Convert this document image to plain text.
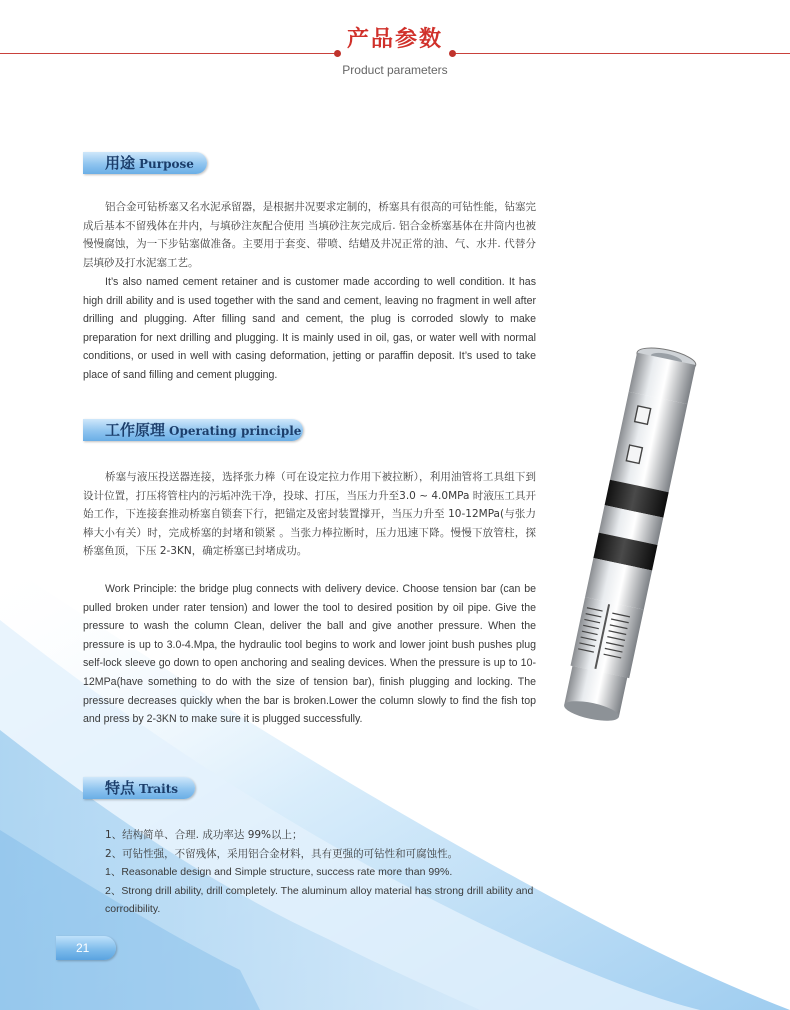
产品参数
Product parameters
用途 Purpose

铝合金可钻桥塞又名水泥承留器，是根据井况要求定制的，桥塞具有很高的可钻性能，钻塞完成后基本不留残体在井内，与填砂注灰配合使用 当填砂注灰完成后. 铝合金桥塞基体在井筒内也被慢慢腐蚀，为一下步钻塞做准备。主要用于套变、带喷、结蜡及井况正常的油、气、水井. 代替分层填砂及打水泥塞工艺。

It’s also named cement retainer and is customer made according to well condition. It has high drill ability and is used together with the sand and cement, leaving no fragment in well after drilling and plugging. After filling sand and cement, the plug is corroded slowly to make preparation for next drilling and plugging. It is mainly used in oil, gas, or water well with normal conditions, or used in well with casing deformation, jetting or paraffin deposit. It’s used to take place of sand filling and cement plugging.

工作原理 Operating principle

桥塞与液压投送器连接，选择张力棒（可在设定拉力作用下被拉断），利用油管将工具组下到设计位置，打压将管柱内的污垢冲洗干净，投球、打压，当压力升至3.0 ~ 4.0MPa 时液压工具开始工作，下连接套推动桥塞自锁套下行，把锚定及密封装置撑开，当压力升至 10-12MPa(与张力棒大小有关）时，完成桥塞的封堵和锁紧 。当张力棒拉断时，压力迅速下降。慢慢下放管柱，探桥塞鱼顶，下压 2-3KN，确定桥塞已封堵成功。

Work Principle: the bridge plug connects with delivery device. Choose tension bar (can be pulled broken under rater tension) and lower the tool to desired position by oil pipe. Give the pressure to wash the column Clean, deliver the ball and give another pressure. When the pressure is up to 3.0-4.Mpa, the hydraulic tool begins to work and lower joint bush pushes plug self-lock sleeve go down to open anchoring and sealing devices. When the pressure is up to 10-12MPa(have something to do with the size of tension bar), finish plugging and locking. The pressure decreases quickly when the bar is broken.Lower the column slowly to find the fish top and press by 2-3KN to make sure it is plugged successfully.

特点 Traits
1、结构简单、合理. 成功率达 99%以上；
2、可钻性强，不留残体，采用铝合金材料，具有更强的可钻性和可腐蚀性。
1、Reasonable design and Simple structure, success rate more than 99%.
2、Strong drill ability, drill completely. The aluminum alloy material has strong drill ability and corrodibility.
21
